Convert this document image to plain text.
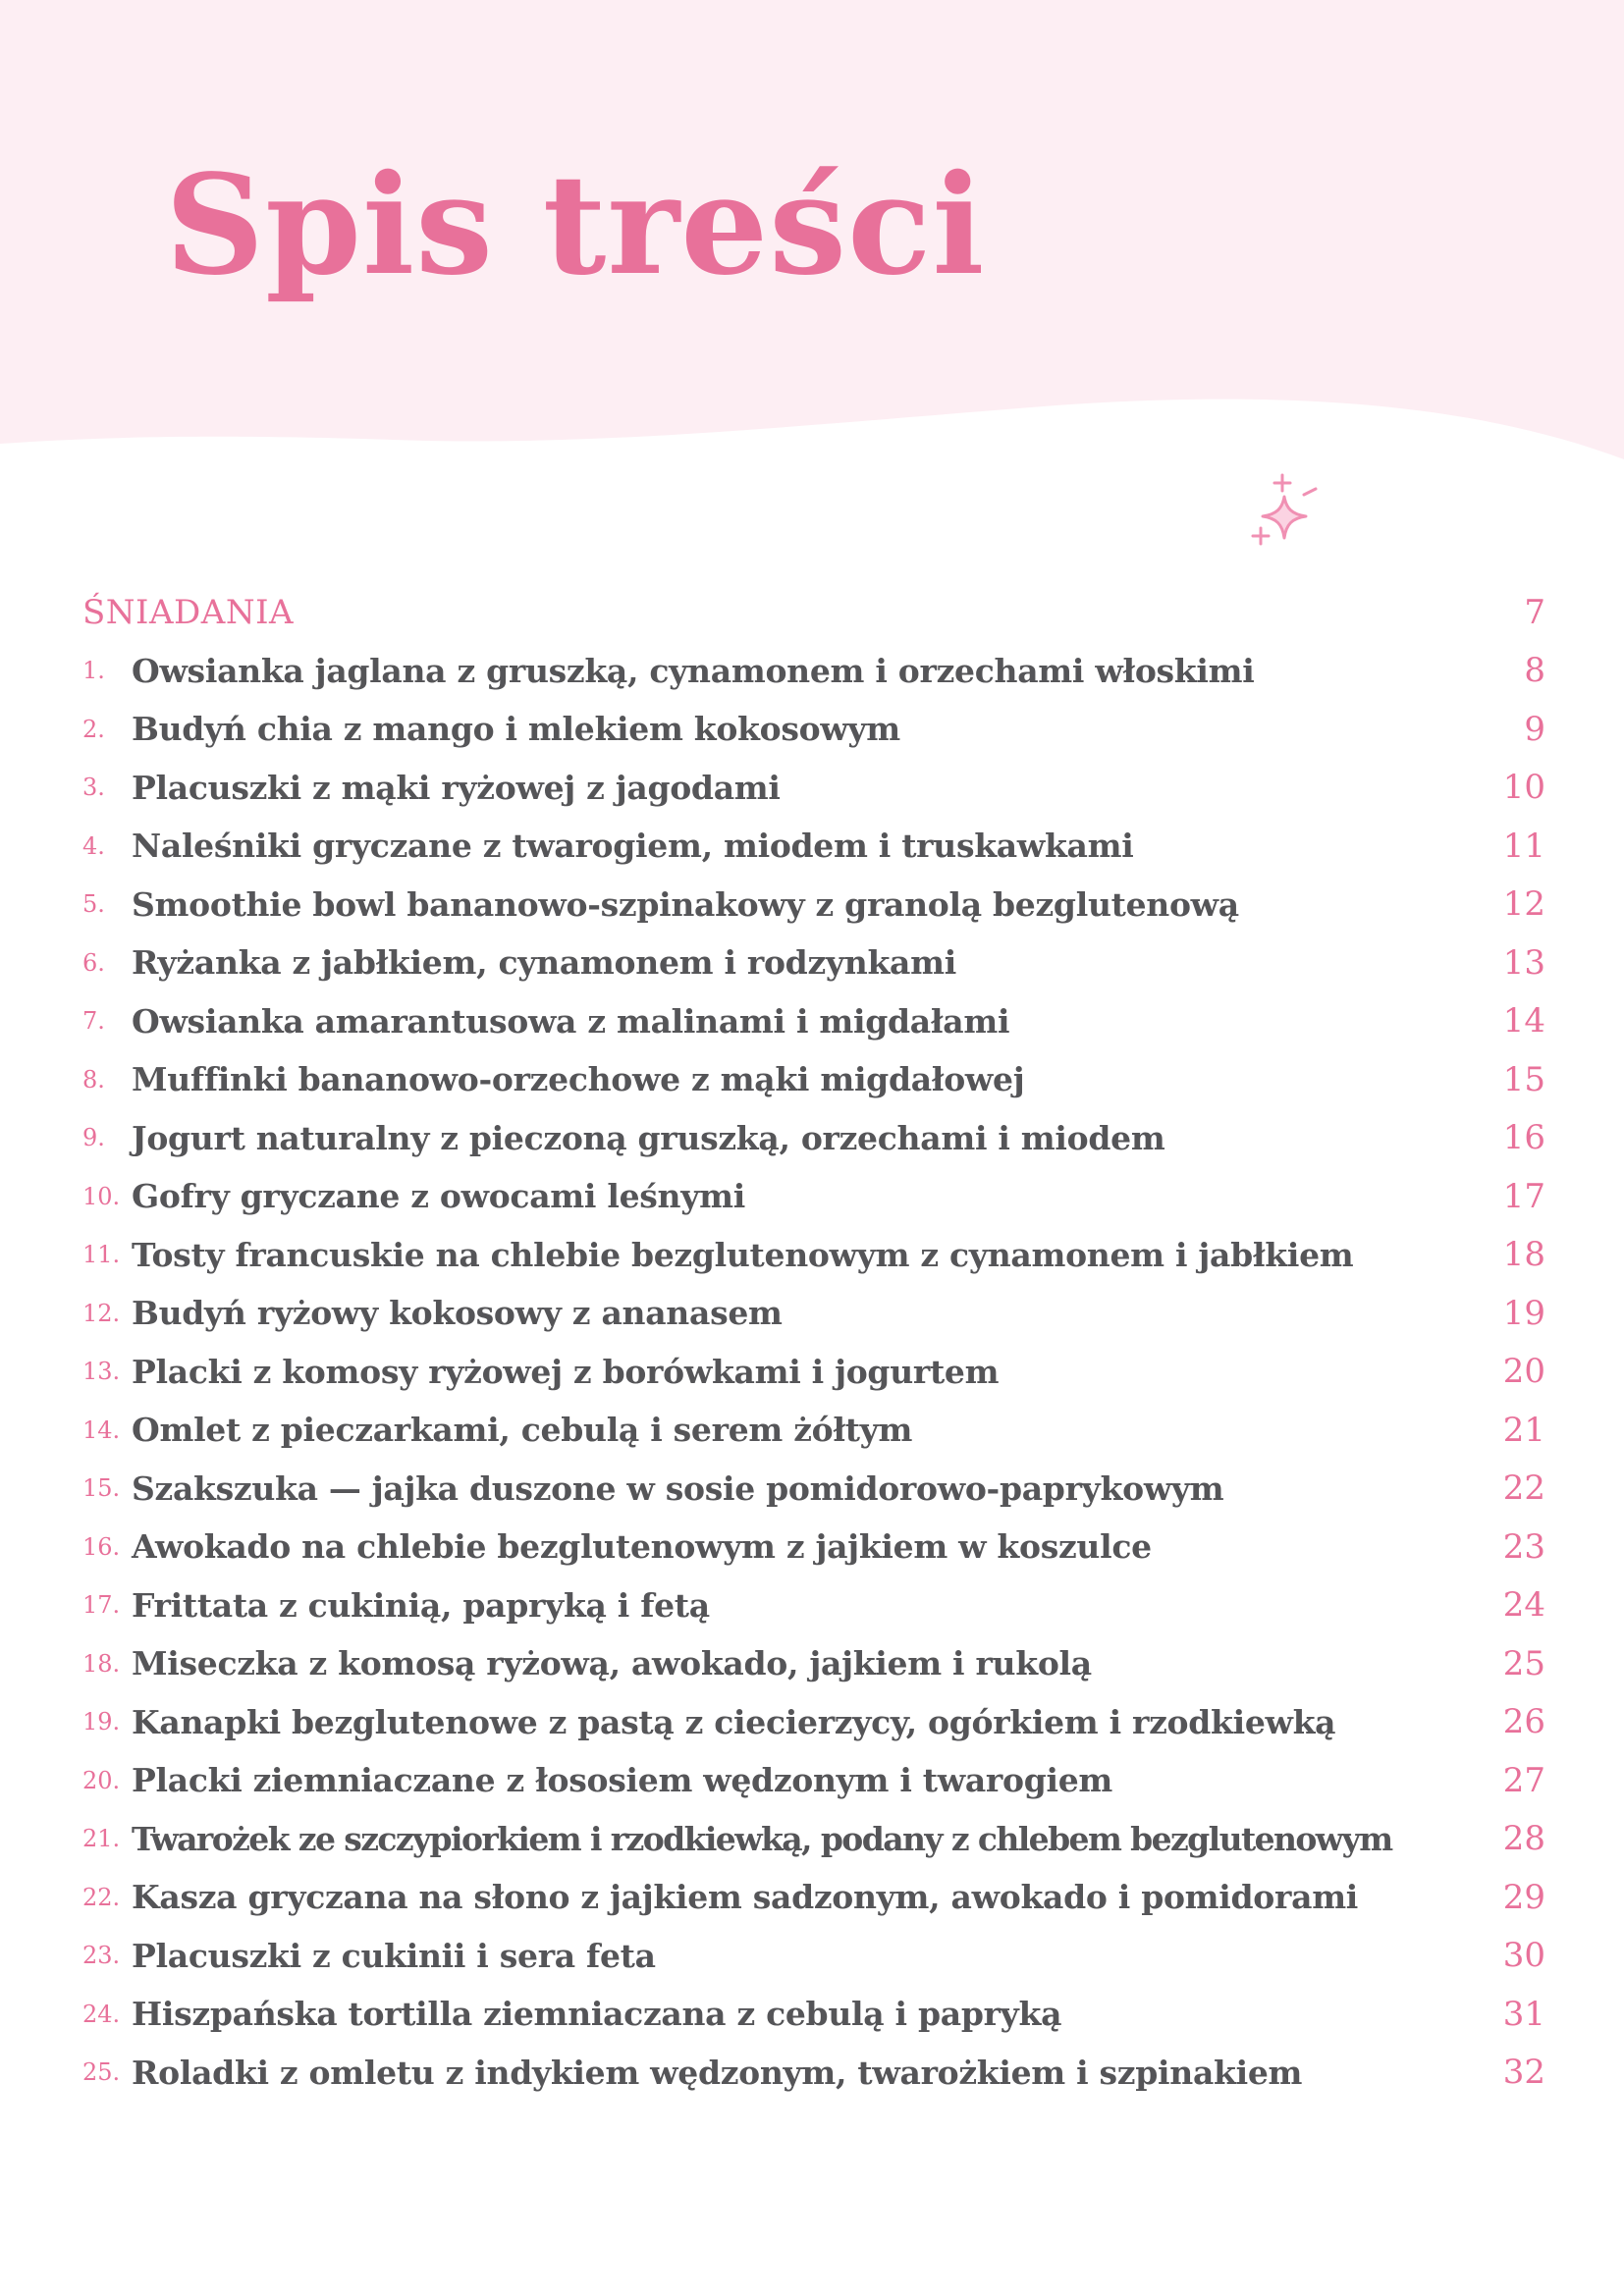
Spis treści
ŚNIADANIA	7
1. Owsianka jaglana z gruszką, cynamonem i orzechami włoskimi	8
2. Budyń chia z mango i mlekiem kokosowym	9
3. Placuszki z mąki ryżowej z jagodami	10
4. Naleśniki gryczane z twarogiem, miodem i truskawkami	11
5. Smoothie bowl bananowo-szpinakowy z granolą bezglutenową	12
6. Ryżanka z jabłkiem, cynamonem i rodzynkami	13
7. Owsianka amarantusowa z malinami i migdałami	14
8. Muffinki bananowo-orzechowe z mąki migdałowej	15
9. Jogurt naturalny z pieczoną gruszką, orzechami i miodem	16
10. Gofry gryczane z owocami leśnymi	17
11. Tosty francuskie na chlebie bezglutenowym z cynamonem i jabłkiem	18
12. Budyń ryżowy kokosowy z ananasem	19
13. Placki z komosy ryżowej z borówkami i jogurtem	20
14. Omlet z pieczarkami, cebulą i serem żółtym	21
15. Szakszuka — jajka duszone w sosie pomidorowo-paprykowym	22
16. Awokado na chlebie bezglutenowym z jajkiem w koszulce	23
17. Frittata z cukinią, papryką i fetą	24
18. Miseczka z komosą ryżową, awokado, jajkiem i rukolą	25
19. Kanapki bezglutenowe z pastą z ciecierzycy, ogórkiem i rzodkiewką	26
20. Placki ziemniaczane z łososiem wędzonym i twarogiem	27
21. Twarożek ze szczypiorkiem i rzodkiewką, podany z chlebem bezglutenowym	28
22. Kasza gryczana na słono z jajkiem sadzonym, awokado i pomidorami	29
23. Placuszki z cukinii i sera feta	30
24. Hiszpańska tortilla ziemniaczana z cebulą i papryką	31
25. Roladki z omletu z indykiem wędzonym, twarożkiem i szpinakiem	32
